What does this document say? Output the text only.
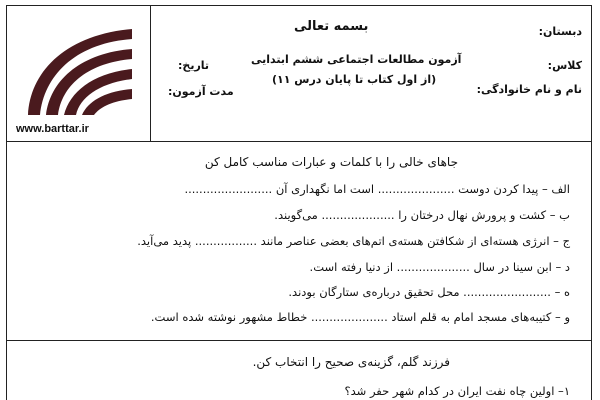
www.barttar.ir
بسمه تعالی
آزمون مطالعات اجتماعی ششم ابتدایی
(از اول کتاب تا پایان درس ۱۱)
دبستان:
کلاس:
نام و نام خانوادگی:
تاریخ:
مدت آزمون:
جاهای خالی را با کلمات و عبارات مناسب کامل کن
الف – پیدا کردن دوست ..................... است اما نگهداری آن ........................
ب – کشت و پرورش نهال درختان را .................... می‌گویند.
ج – انرژی هسته‌ای از شکافتن هسته‌ی اتم‌های بعضی عناصر مانند ................. پدید می‌آید.
د – ابن سینا در سال .................... از دنیا رفته است.
ه – ........................ محل تحقیق درباره‌ی ستارگان بودند.
و – کتیبه‌های مسجد امام به قلم استاد ..................... خطاط مشهور نوشته شده است.
فرزند گلم، گزینه‌ی صحیح را انتخاب کن.
۱– اولین چاه نفت ایران در کدام شهر حفر شد؟
